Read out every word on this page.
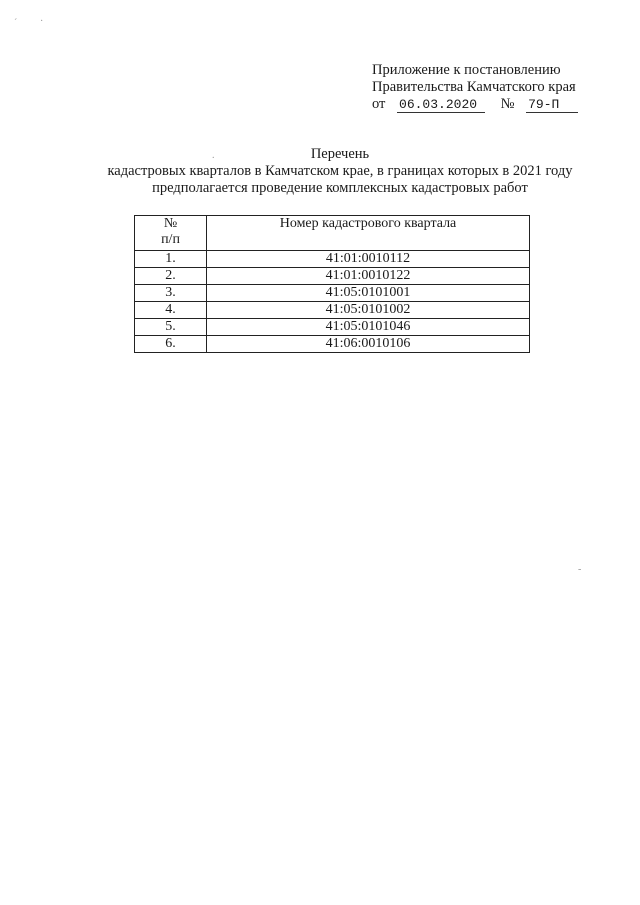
ˊ ·
Приложение к постановлению
Правительства Камчатского края
от 06.03.2020 № 79-П
.	Перечень
кадастровых кварталов в Камчатском крае, в границах которых в 2021 году
предполагается проведение комплексных кадастровых работ
№
п/п	Номер кадастрового квартала
1.	41:01:0010112
2.	41:01:0010122
3.	41:05:0101001
4.	41:05:0101002
5.	41:05:0101046
6.	41:06:0010106
-
